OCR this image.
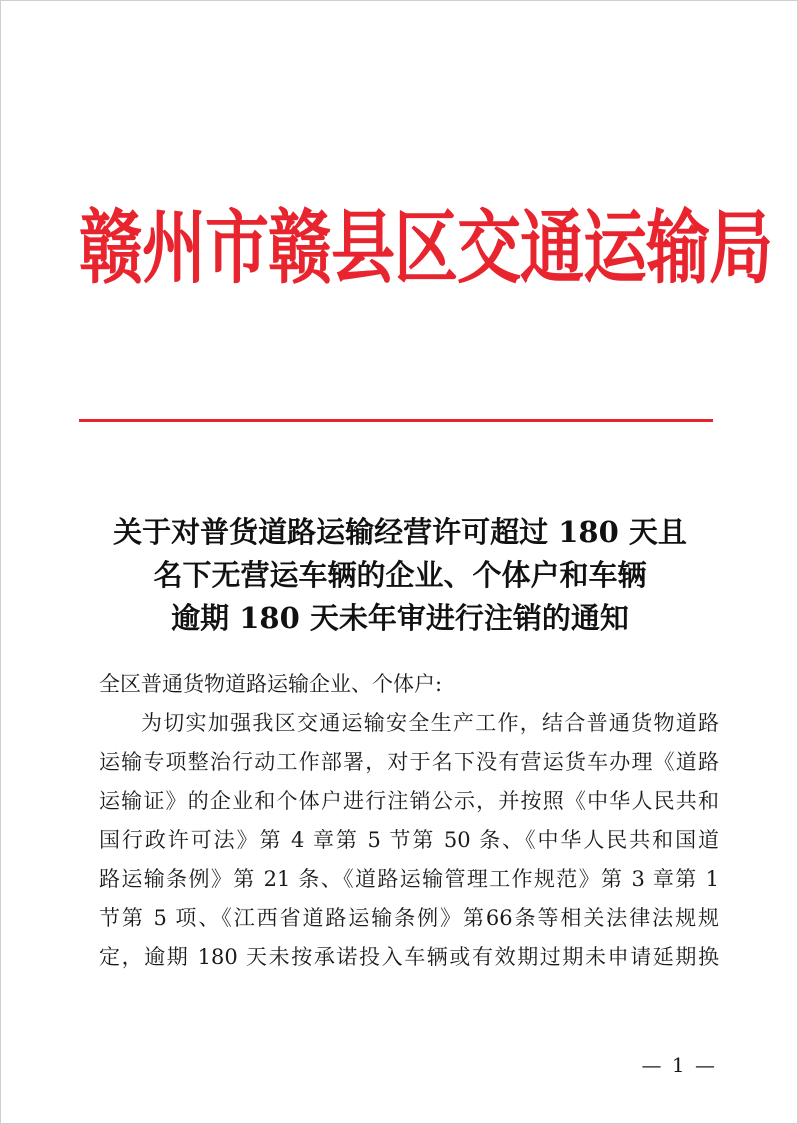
赣州市赣县区交通运输局
关于对普货道路运输经营许可超过 180 天且
名下无营运车辆的企业、个体户和车辆
逾期 180 天未年审进行注销的通知
全区普通货物道路运输企业、个体户:
为切实加强我区交通运输安全生产工作，结合普通货物道路
运输专项整治行动工作部署，对于名下没有营运货车办理《道路
运输证》的企业和个体户进行注销公示，并按照《中华人民共和
国行政许可法》第 4 章第 5 节第 50 条、《中华人民共和国道
路运输条例》第 21 条、《道路运输管理工作规范》第 3 章第 1
节第 5 项、《江西省道路运输条例》第66条等相关法律法规规
定，逾期 180 天未按承诺投入车辆或有效期过期未申请延期换
— 1 —
